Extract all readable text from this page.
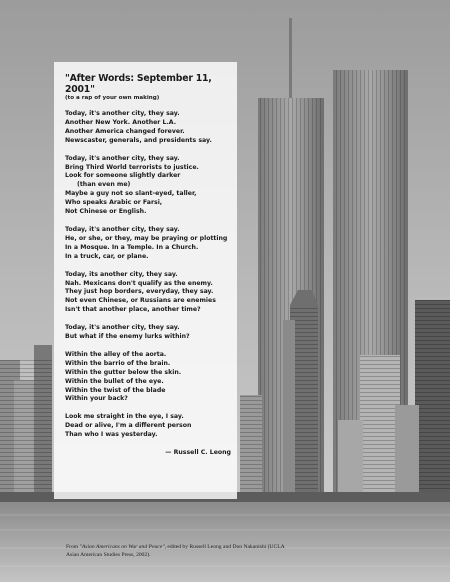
"After Words: September 11, 2001"

(to a rap of your own making)

Today, it's another city, they say.
Another New York. Another L.A.
Another America changed forever.
Newscaster, generals, and presidents say.
Today, it's another city, they say.
Bring Third World terrorists to justice.
Look for someone slightly darker
(than even me)
Maybe a guy not so slant-eyed, taller,
Who speaks Arabic or Farsi,
Not Chinese or English.
Today, it's another city, they say.
He, or she, or they, may be praying or plotting
In a Mosque. In a Temple. In a Church.
In a truck, car, or plane.
Today, its another city, they say.
Nah. Mexicans don't qualify as the enemy.
They just hop borders, everyday, they say.
Not even Chinese, or Russians are enemies
Isn't that another place, another time?
Today, it's another city, they say.
But what if the enemy lurks within?
Within the alley of the aorta.
Within the barrio of the brain.
Within the gutter below the skin.
Within the bullet of the eye.
Within the twist of the blade
Within your back?
Look me straight in the eye, I say.
Dead or alive, I'm a different person
Than who I was yesterday.
— Russell C. Leong
From "Asian Americans on War and Peace", edited by Russell Leong and Don Nakanishi (UCLA Asian American Studies Press, 2002).
